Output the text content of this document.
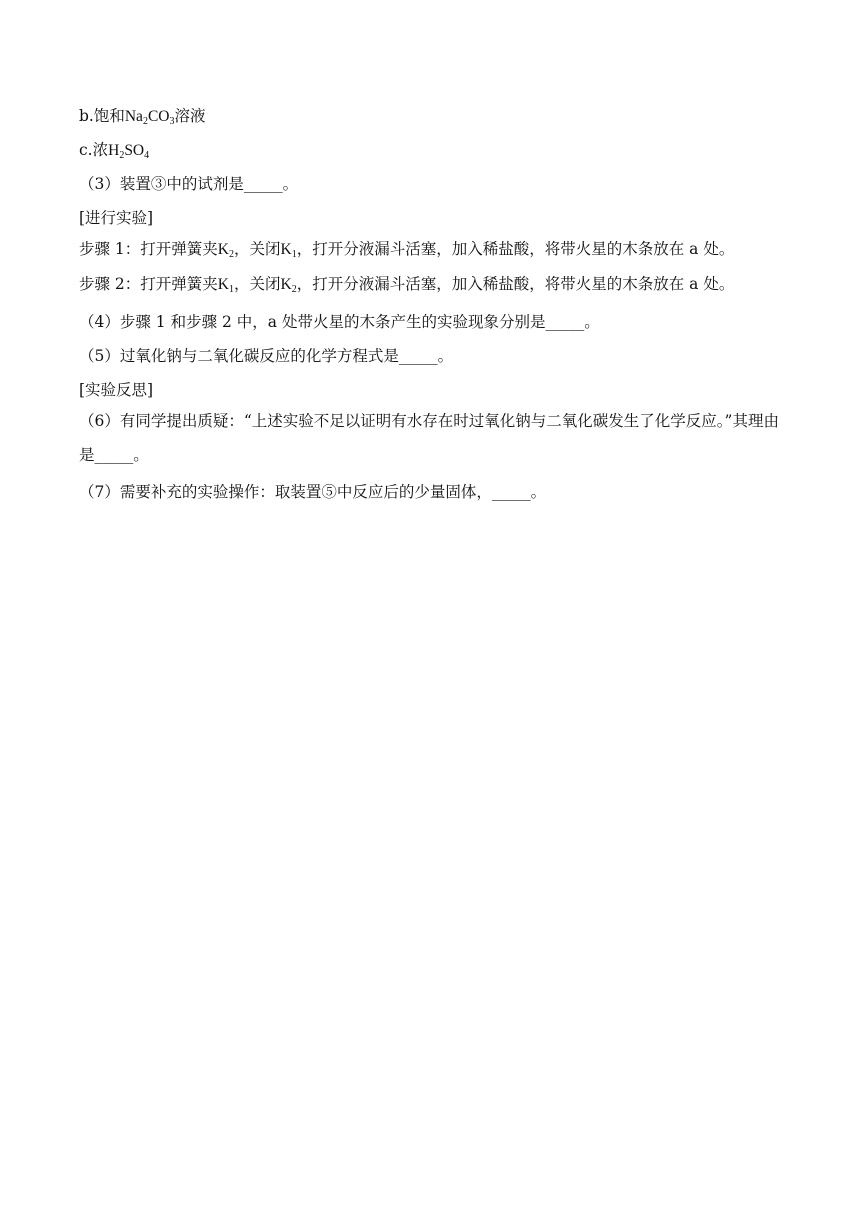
b.饱和$Na_2CO_3$溶液

c.浓$H_2SO_4$

（3）装置③中的试剂是_____。

[进行实验]

步骤 1：打开弹簧夹$K_2$，关闭$K_1$，打开分液漏斗活塞，加入稀盐酸，将带火星的木条放在 a 处。

步骤 2：打开弹簧夹$K_1$，关闭$K_2$，打开分液漏斗活塞，加入稀盐酸，将带火星的木条放在 a 处。

（4）步骤 1 和步骤 2 中，a 处带火星的木条产生的实验现象分别是_____。

（5）过氧化钠与二氧化碳反应的化学方程式是_____。

[实验反思]

（6）有同学提出质疑：“上述实验不足以证明有水存在时过氧化钠与二氧化碳发生了化学反应。”其理由是_____。

（7）需要补充的实验操作：取装置⑤中反应后的少量固体，_____。
